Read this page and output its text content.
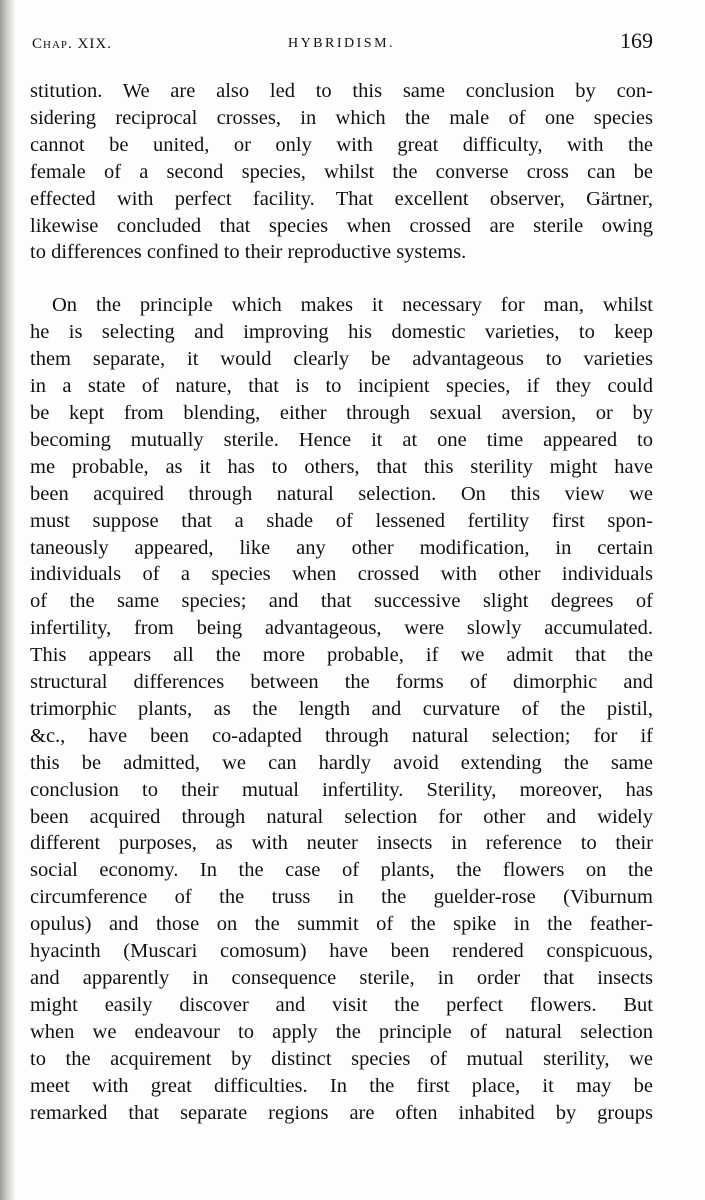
Chap. XIX.	HYBRIDISM.	169
stitution. We are also led to this same conclusion by con-
sidering reciprocal crosses, in which the male of one species
cannot be united, or only with great difficulty, with the
female of a second species, whilst the converse cross can be
effected with perfect facility. That excellent observer, Gärtner,
likewise concluded that species when crossed are sterile owing
to differences confined to their reproductive systems.
On the principle which makes it necessary for man, whilst
he is selecting and improving his domestic varieties, to keep
them separate, it would clearly be advantageous to varieties
in a state of nature, that is to incipient species, if they could
be kept from blending, either through sexual aversion, or by
becoming mutually sterile. Hence it at one time appeared to
me probable, as it has to others, that this sterility might have
been acquired through natural selection. On this view we
must suppose that a shade of lessened fertility first spon-
taneously appeared, like any other modification, in certain
individuals of a species when crossed with other individuals
of the same species; and that successive slight degrees of
infertility, from being advantageous, were slowly accumulated.
This appears all the more probable, if we admit that the
structural differences between the forms of dimorphic and
trimorphic plants, as the length and curvature of the pistil,
&c., have been co-adapted through natural selection; for if
this be admitted, we can hardly avoid extending the same
conclusion to their mutual infertility. Sterility, moreover, has
been acquired through natural selection for other and widely
different purposes, as with neuter insects in reference to their
social economy. In the case of plants, the flowers on the
circumference of the truss in the guelder-rose (Viburnum
opulus) and those on the summit of the spike in the feather-
hyacinth (Muscari comosum) have been rendered conspicuous,
and apparently in consequence sterile, in order that insects
might easily discover and visit the perfect flowers. But
when we endeavour to apply the principle of natural selection
to the acquirement by distinct species of mutual sterility, we
meet with great difficulties. In the first place, it may be
remarked that separate regions are often inhabited by groups
